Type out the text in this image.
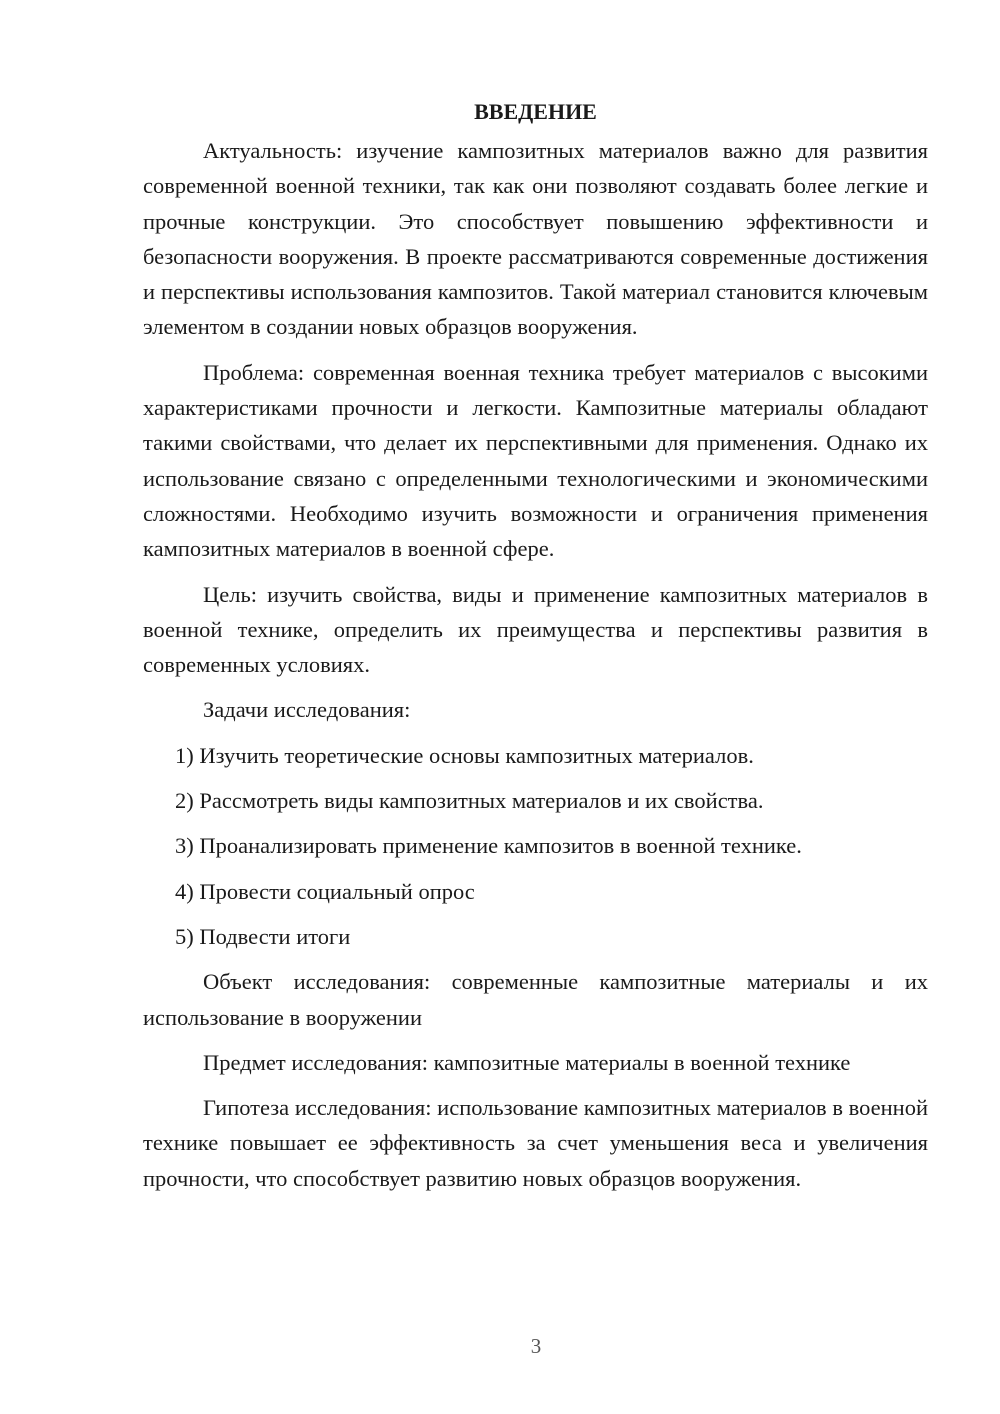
ВВЕДЕНИЕ

Актуальность: изучение кампозитных материалов важно для развития современной военной техники, так как они позволяют создавать более легкие и прочные конструкции. Это способствует повышению эффективности и безопасности вооружения. В проекте рассматриваются современные достижения и перспективы использования кампозитов. Такой материал становится ключевым элементом в создании новых образцов вооружения.

Проблема: современная военная техника требует материалов с высокими характеристиками прочности и легкости. Кампозитные материалы обладают такими свойствами, что делает их перспективными для применения. Однако их использование связано с определенными технологическими и экономическими сложностями. Необходимо изучить возможности и ограничения применения кампозитных материалов в военной сфере.

Цель: изучить свойства, виды и применение кампозитных материалов в военной технике, определить их преимущества и перспективы развития в современных условиях.

Задачи исследования:

1) Изучить теоретические основы кампозитных материалов.

2) Рассмотреть виды кампозитных материалов и их свойства.

3) Проанализировать применение кампозитов в военной технике.

4) Провести социальный опрос

5) Подвести итоги

Объект исследования: современные кампозитные материалы и их использование в вооружении

Предмет исследования: кампозитные материалы в военной технике

Гипотеза исследования: использование кампозитных материалов в военной технике повышает ее эффективность за счет уменьшения веса и увеличения прочности, что способствует развитию новых образцов вооружения.

3
